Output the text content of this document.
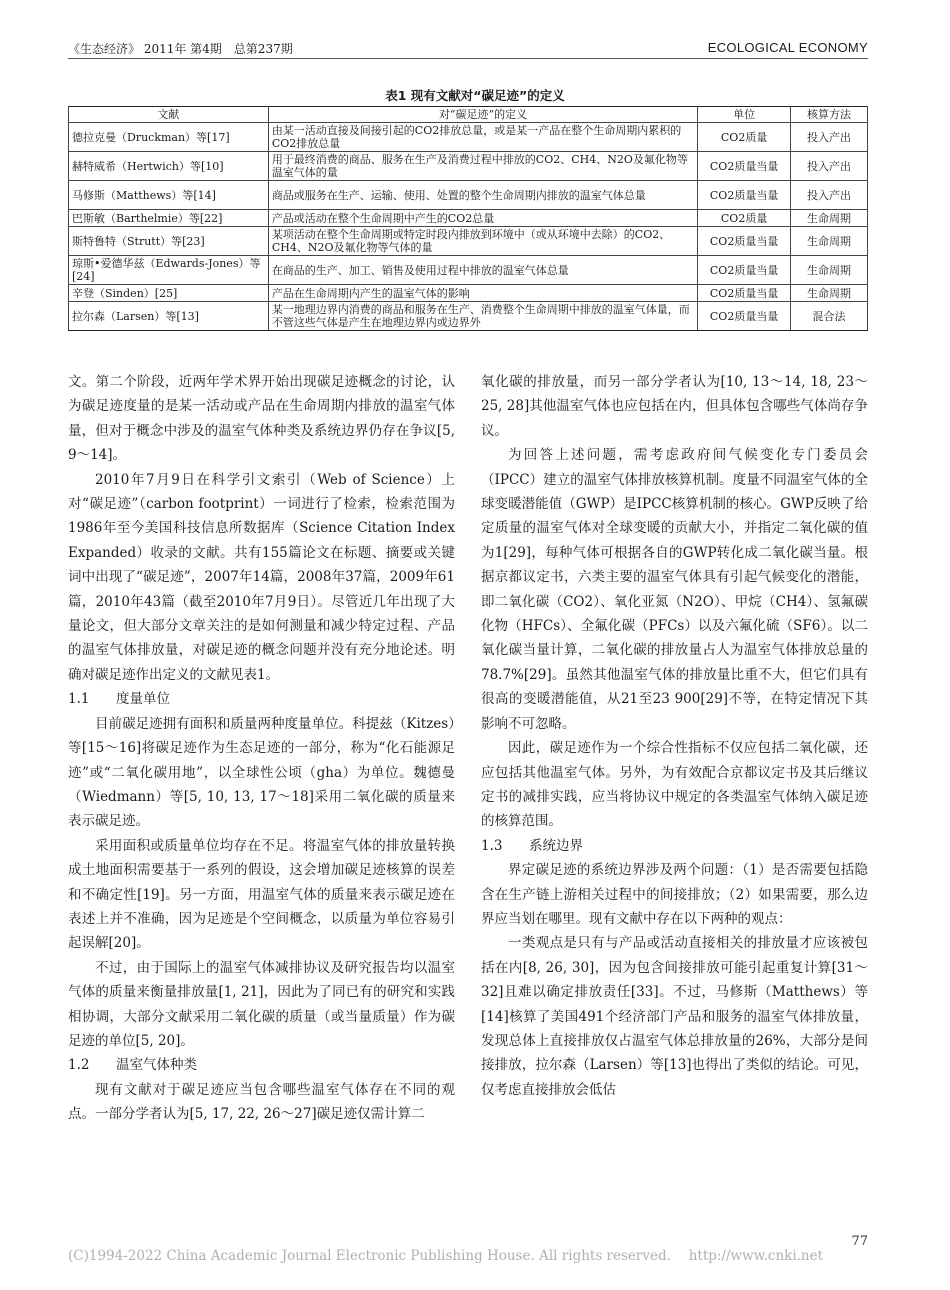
《生态经济》 2011年 第4期　总第237期	ECOLOGICAL ECONOMY
表1 现有文献对“碳足迹”的定义
文献	对“碳足迹”的定义	单位	核算方法
德拉克曼（Druckman）等[17]	由某一活动直接及间接引起的CO2排放总量，或是某一产品在整个生命周期内累积的CO2排放总量	CO2质量	投入产出
赫特威希（Hertwich）等[10]	用于最终消费的商品、服务在生产及消费过程中排放的CO2、CH4、N2O及氟化物等温室气体的量	CO2质量当量	投入产出
马修斯（Matthews）等[14]	商品或服务在生产、运输、使用、处置的整个生命周期内排放的温室气体总量	CO2质量当量	投入产出
巴斯敏（Barthelmie）等[22]	产品或活动在整个生命周期中产生的CO2总量	CO2质量	生命周期
斯特鲁特（Strutt）等[23]	某项活动在整个生命周期或特定时段内排放到环境中（或从环境中去除）的CO2、CH4、N2O及氟化物等气体的量	CO2质量当量	生命周期
琼斯•爱德华兹（Edwards-Jones）等[24]	在商品的生产、加工、销售及使用过程中排放的温室气体总量	CO2质量当量	生命周期
辛登（Sinden）[25]	产品在生命周期内产生的温室气体的影响	CO2质量当量	生命周期
拉尔森（Larsen）等[13]	某一地理边界内消费的商品和服务在生产、消费整个生命周期中排放的温室气体量，而不管这些气体是产生在地理边界内或边界外	CO2质量当量	混合法

文。第二个阶段，近两年学术界开始出现碳足迹概念的讨论，认为碳足迹度量的是某一活动或产品在生命周期内排放的温室气体量，但对于概念中涉及的温室气体种类及系统边界仍存在争议[5, 9～14]。

2010年7月9日在科学引文索引（Web of Science）上对“碳足迹”（carbon footprint）一词进行了检索，检索范围为1986年至今美国科技信息所数据库（Science Citation Index Expanded）收录的文献。共有155篇论文在标题、摘要或关键词中出现了“碳足迹”，2007年14篇，2008年37篇，2009年61篇，2010年43篇（截至2010年7月9日）。尽管近几年出现了大量论文，但大部分文章关注的是如何测量和减少特定过程、产品的温室气体排放量，对碳足迹的概念问题并没有充分地论述。明确对碳足迹作出定义的文献见表1。

1.1 度量单位

目前碳足迹拥有面积和质量两种度量单位。科提兹（Kitzes）等[15～16]将碳足迹作为生态足迹的一部分，称为“化石能源足迹”或“二氧化碳用地”，以全球性公顷（gha）为单位。魏德曼（Wiedmann）等[5, 10, 13, 17～18]采用二氧化碳的质量来表示碳足迹。

采用面积或质量单位均存在不足。将温室气体的排放量转换成土地面积需要基于一系列的假设，这会增加碳足迹核算的误差和不确定性[19]。另一方面，用温室气体的质量来表示碳足迹在表述上并不准确，因为足迹是个空间概念，以质量为单位容易引起误解[20]。

不过，由于国际上的温室气体减排协议及研究报告均以温室气体的质量来衡量排放量[1, 21]，因此为了同已有的研究和实践相协调，大部分文献采用二氧化碳的质量（或当量质量）作为碳足迹的单位[5, 20]。

1.2 温室气体种类

现有文献对于碳足迹应当包含哪些温室气体存在不同的观点。一部分学者认为[5, 17, 22, 26～27]碳足迹仅需计算二

氧化碳的排放量，而另一部分学者认为[10, 13～14, 18, 23～25, 28]其他温室气体也应包括在内，但具体包含哪些气体尚存争议。

为回答上述问题，需考虑政府间气候变化专门委员会（IPCC）建立的温室气体排放核算机制。度量不同温室气体的全球变暖潜能值（GWP）是IPCC核算机制的核心。GWP反映了给定质量的温室气体对全球变暖的贡献大小，并指定二氧化碳的值为1[29]，每种气体可根据各自的GWP转化成二氧化碳当量。根据京都议定书，六类主要的温室气体具有引起气候变化的潜能，即二氧化碳（CO2）、氧化亚氮（N2O）、甲烷（CH4）、氢氟碳化物（HFCs）、全氟化碳（PFCs）以及六氟化硫（SF6）。以二氧化碳当量计算，二氧化碳的排放量占人为温室气体排放总量的78.7%[29]。虽然其他温室气体的排放量比重不大，但它们具有很高的变暖潜能值，从21至23 900[29]不等，在特定情况下其影响不可忽略。

因此，碳足迹作为一个综合性指标不仅应包括二氧化碳，还应包括其他温室气体。另外，为有效配合京都议定书及其后继议定书的减排实践，应当将协议中规定的各类温室气体纳入碳足迹的核算范围。

1.3 系统边界

界定碳足迹的系统边界涉及两个问题：（1）是否需要包括隐含在生产链上游相关过程中的间接排放；（2）如果需要，那么边界应当划在哪里。现有文献中存在以下两种的观点：

一类观点是只有与产品或活动直接相关的排放量才应该被包括在内[8, 26, 30]，因为包含间接排放可能引起重复计算[31～32]且难以确定排放责任[33]。不过，马修斯（Matthews）等[14]核算了美国491个经济部门产品和服务的温室气体排放量，发现总体上直接排放仅占温室气体总排放量的26%，大部分是间接排放，拉尔森（Larsen）等[13]也得出了类似的结论。可见，仅考虑直接排放会低估

(C)1994-2022 China Academic Journal Electronic Publishing House. All rights reserved.　 http://www.cnki.net
77
